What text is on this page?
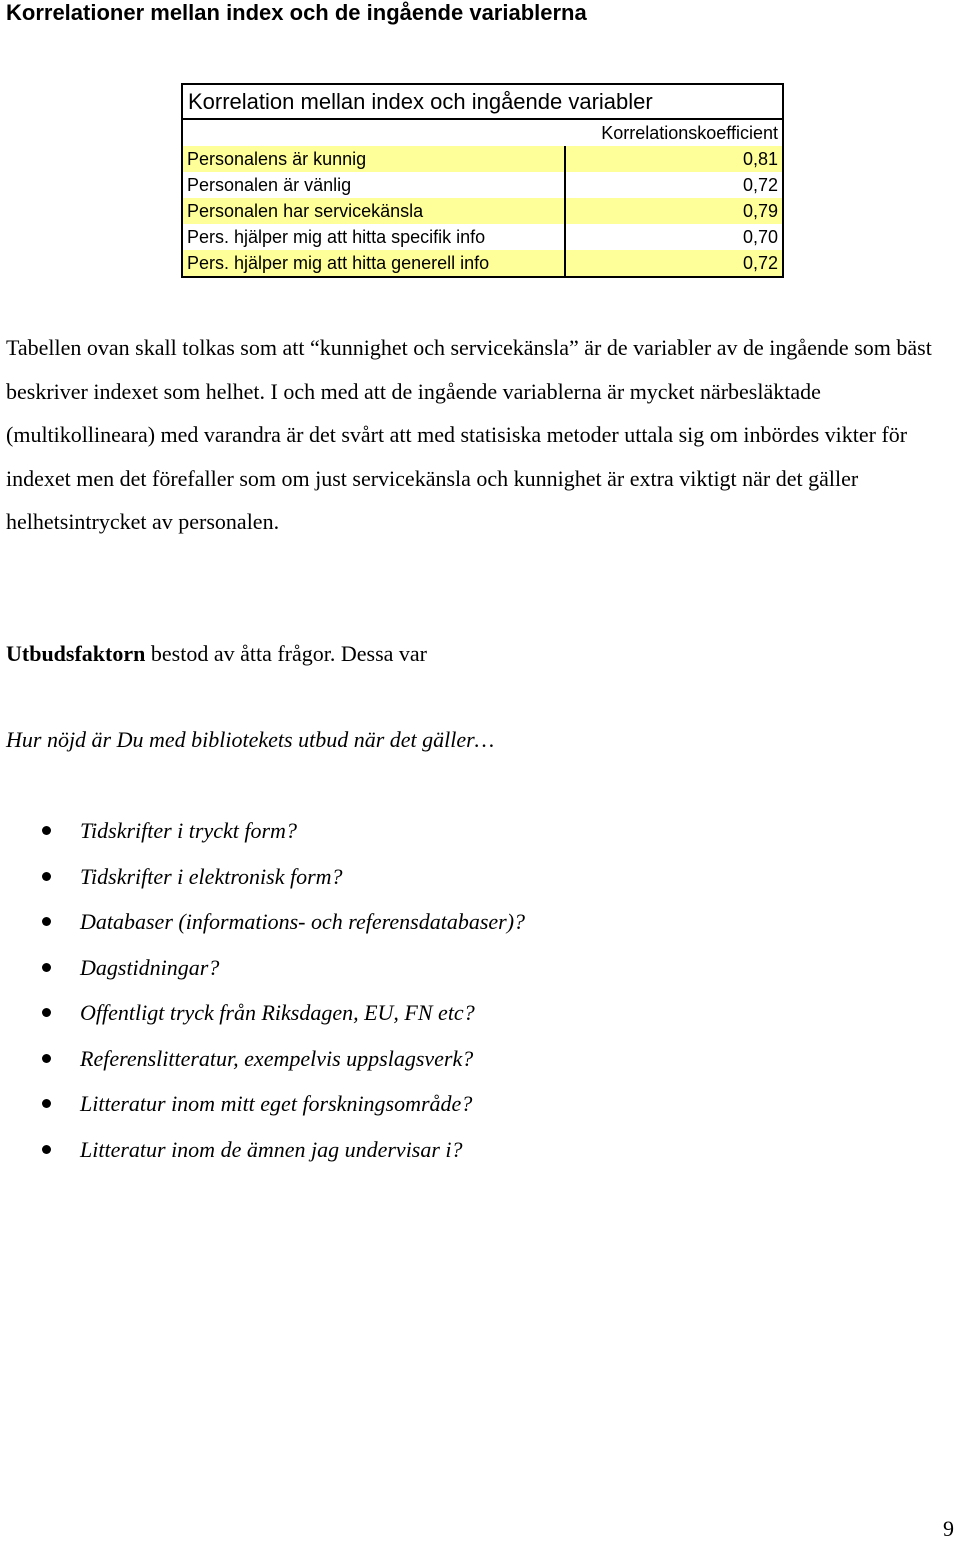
Korrelationer mellan index och de ingående variablerna
Korrelation mellan index och ingående variabler
Korrelationskoefficient
Personalens är kunnig	0,81
Personalen är vänlig	0,72
Personalen har servicekänsla	0,79
Pers. hjälper mig att hitta specifik info	0,70
Pers. hjälper mig att hitta generell info	0,72
Tabellen ovan skall tolkas som att “kunnighet och servicekänsla” är de variabler av de ingående som bäst beskriver indexet som helhet. I och med att de ingående variablerna är mycket närbesläktade (multikollineara) med varandra är det svårt att med statisiska metoder uttala sig om inbördes vikter för indexet men det förefaller som om just servicekänsla och kunnighet är extra viktigt när det gäller helhetsintrycket av personalen.
Utbudsfaktorn bestod av åtta frågor. Dessa var
Hur nöjd är Du med bibliotekets utbud när det gäller…
Tidskrifter i tryckt form?
Tidskrifter i elektronisk form?
Databaser (informations- och referensdatabaser)?
Dagstidningar?
Offentligt tryck från Riksdagen, EU, FN etc?
Referenslitteratur, exempelvis uppslagsverk?
Litteratur inom mitt eget forskningsområde?
Litteratur inom de ämnen jag undervisar i?
9
